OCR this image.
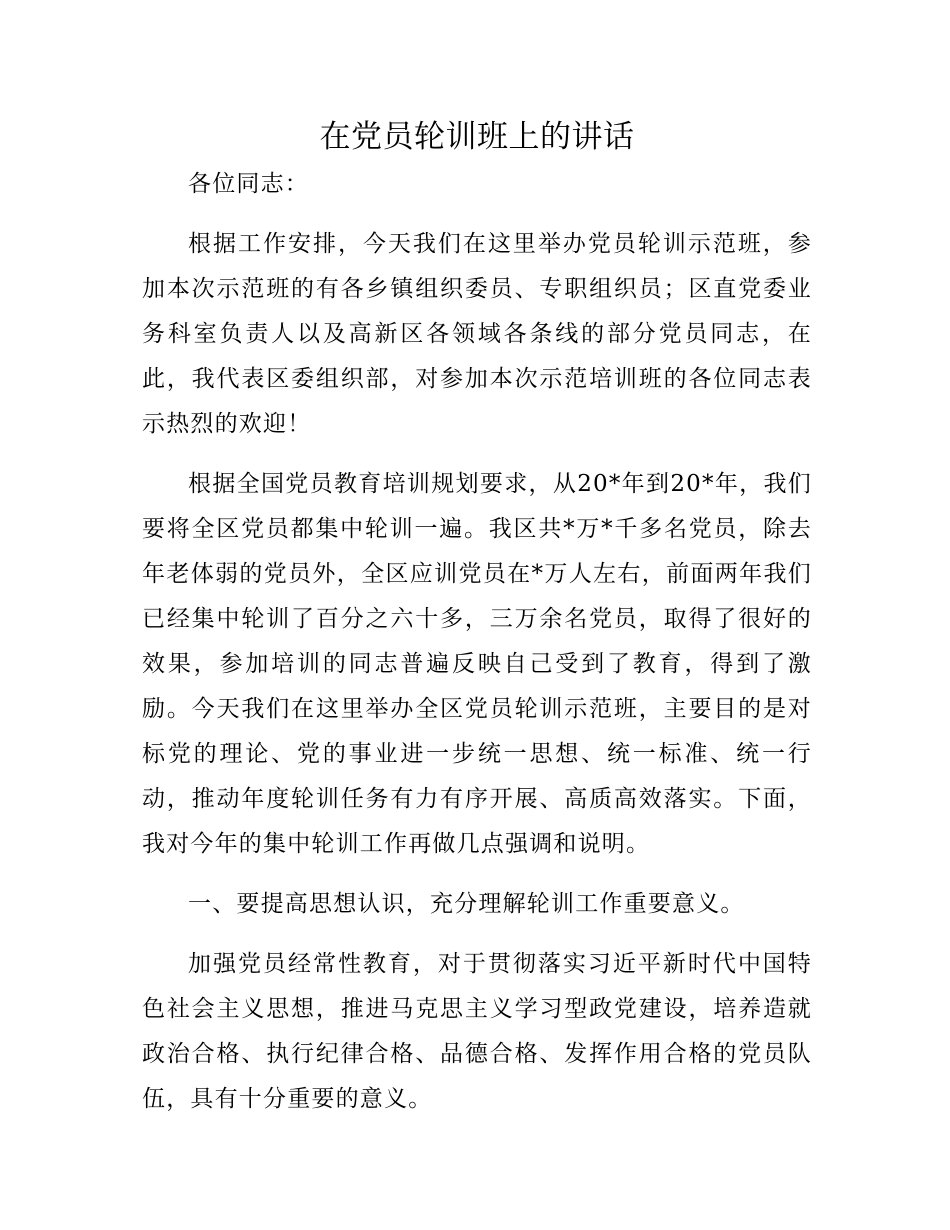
在党员轮训班上的讲话

各位同志：

根据工作安排，今天我们在这里举办党员轮训示范班，参加本次示范班的有各乡镇组织委员、专职组织员；区直党委业务科室负责人以及高新区各领域各条线的部分党员同志，在此，我代表区委组织部，对参加本次示范培训班的各位同志表示热烈的欢迎！

根据全国党员教育培训规划要求，从20*年到20*年，我们要将全区党员都集中轮训一遍。我区共*万*千多名党员，除去年老体弱的党员外，全区应训党员在*万人左右，前面两年我们已经集中轮训了百分之六十多，三万余名党员，取得了很好的效果，参加培训的同志普遍反映自己受到了教育，得到了激励。今天我们在这里举办全区党员轮训示范班，主要目的是对标党的理论、党的事业进一步统一思想、统一标准、统一行动，推动年度轮训任务有力有序开展、高质高效落实。下面，我对今年的集中轮训工作再做几点强调和说明。

一、要提高思想认识，充分理解轮训工作重要意义。

加强党员经常性教育，对于贯彻落实习近平新时代中国特色社会主义思想，推进马克思主义学习型政党建设，培养造就政治合格、执行纪律合格、品德合格、发挥作用合格的党员队伍，具有十分重要的意义。
